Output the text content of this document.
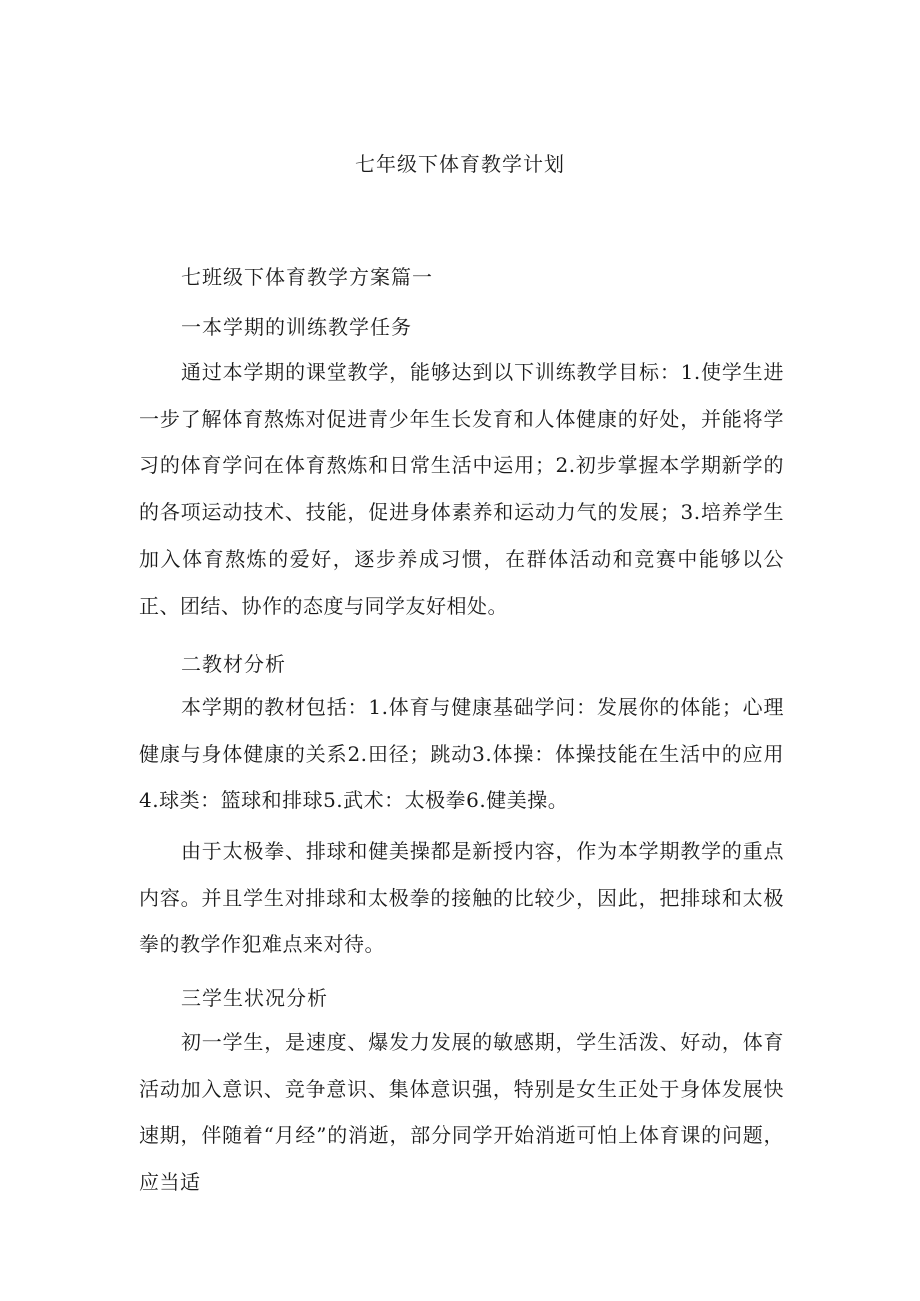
七年级下体育教学计划
七班级下体育教学方案篇一
一本学期的训练教学任务

通过本学期的课堂教学，能够达到以下训练教学目标：1.使学生进一步了解体育熬炼对促进青少年生长发育和人体健康的好处，并能将学习的体育学问在体育熬炼和日常生活中运用；2.初步掌握本学期新学的的各项运动技术、技能，促进身体素养和运动力气的发展；3.培养学生加入体育熬炼的爱好，逐步养成习惯，在群体活动和竞赛中能够以公正、团结、协作的态度与同学友好相处。

二教材分析

本学期的教材包括：1.体育与健康基础学问：发展你的体能；心理健康与身体健康的关系2.田径；跳动3.体操：体操技能在生活中的应用4.球类：篮球和排球5.武术：太极拳6.健美操。

由于太极拳、排球和健美操都是新授内容，作为本学期教学的重点内容。并且学生对排球和太极拳的接触的比较少，因此，把排球和太极拳的教学作犯难点来对待。

三学生状况分析

初一学生，是速度、爆发力发展的敏感期，学生活泼、好动，体育活动加入意识、竞争意识、集体意识强，特别是女生正处于身体发展快速期，伴随着“月经”的消逝，部分同学开始消逝可怕上体育课的问题，应当适
